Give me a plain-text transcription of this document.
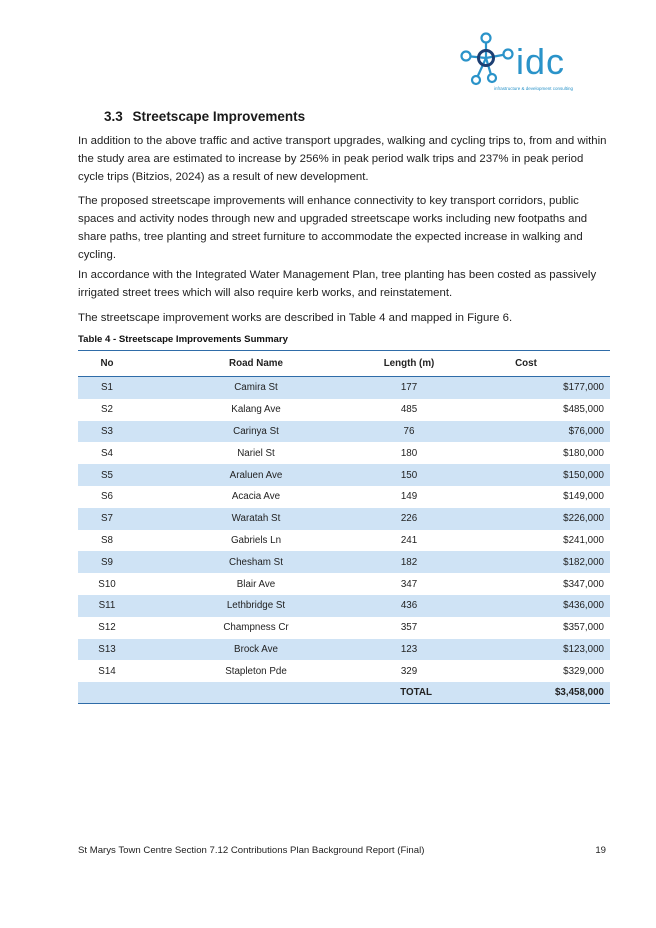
idc
infrastructure & development consulting
3.3 Streetscape Improvements
In addition to the above traffic and active transport upgrades, walking and cycling trips to, from and within the study area are estimated to increase by 256% in peak period walk trips and 237% in peak period cycle trips (Bitzios, 2024) as a result of new development.
The proposed streetscape improvements will enhance connectivity to key transport corridors, public spaces and activity nodes through new and upgraded streetscape works including new footpaths and share paths, tree planting and street furniture to accommodate the expected increase in walking and cycling.
In accordance with the Integrated Water Management Plan, tree planting has been costed as passively irrigated street trees which will also require kerb works, and reinstatement.
The streetscape improvement works are described in Table 4 and mapped in Figure 6.
Table 4 - Streetscape Improvements Summary
No	Road Name	Length (m)	Cost
S1	Camira St	177	$177,000
S2	Kalang Ave	485	$485,000
S3	Carinya St	76	$76,000
S4	Nariel St	180	$180,000
S5	Araluen Ave	150	$150,000
S6	Acacia Ave	149	$149,000
S7	Waratah St	226	$226,000
S8	Gabriels Ln	241	$241,000
S9	Chesham St	182	$182,000
S10	Blair Ave	347	$347,000
S11	Lethbridge St	436	$436,000
S12	Champness Cr	357	$357,000
S13	Brock Ave	123	$123,000
S14	Stapleton Pde	329	$329,000
		TOTAL	$3,458,000
St Marys Town Centre Section 7.12 Contributions Plan Background Report (Final)	19
